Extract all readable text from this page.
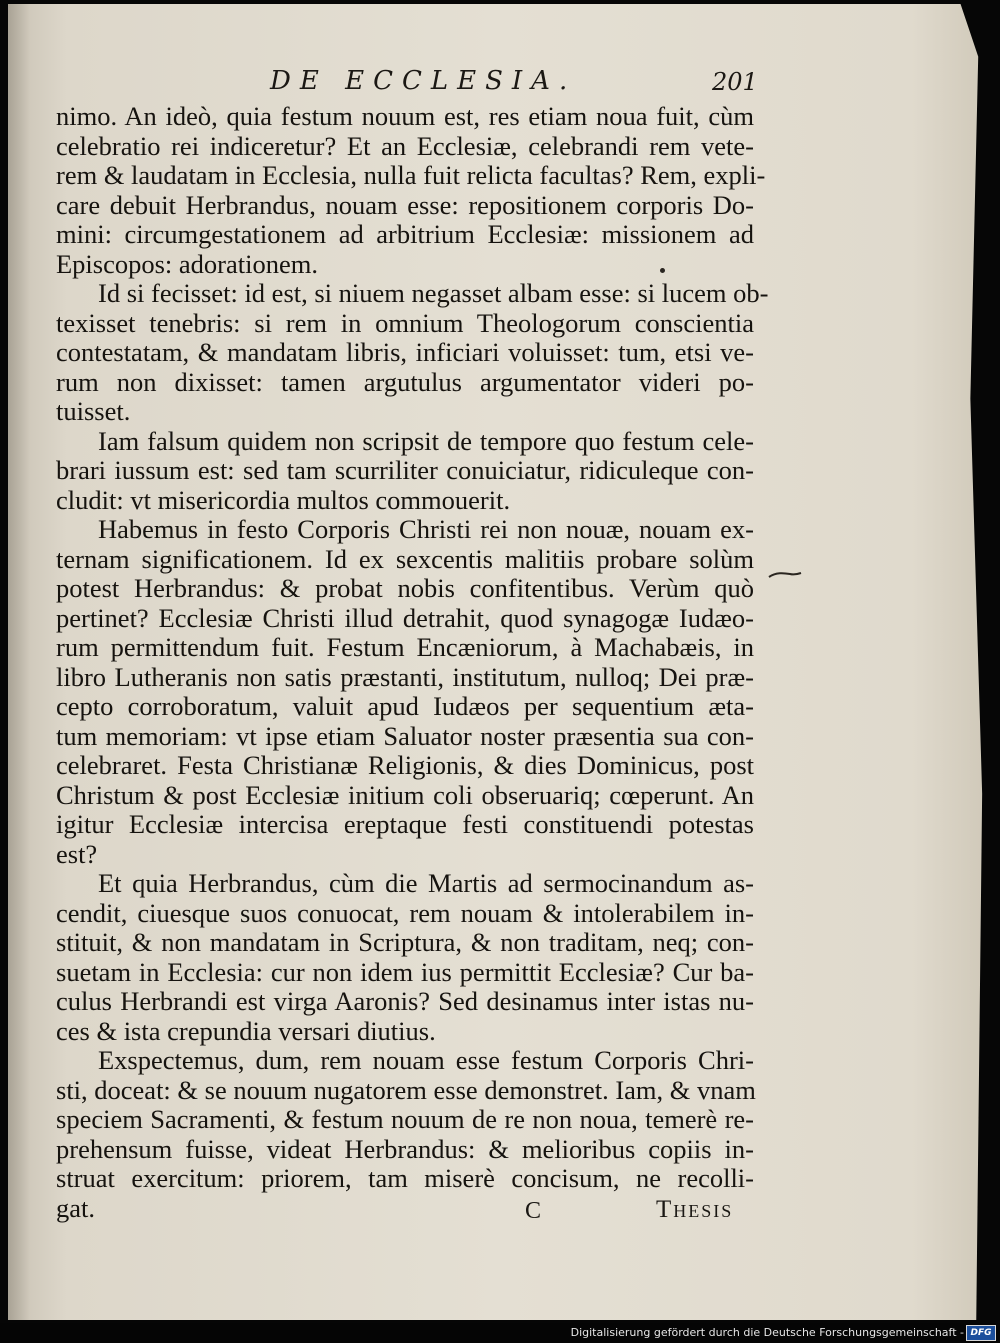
DE ECCLESIA.	201

nimo. An ideò, quia festum nouum est, res etiam noua fuit, cùm
celebratio rei indiceretur? Et an Ecclesiæ, celebrandi rem vete-
rem & laudatam in Ecclesia, nulla fuit relicta facultas? Rem, expli-
care debuit Herbrandus, nouam esse: repositionem corporis Do-
mini: circumgestationem ad arbitrium Ecclesiæ: missionem ad
Episcopos: adorationem.

Id si fecisset: id est, si niuem negasset albam esse: si lucem ob-
texisset tenebris: si rem in omnium Theologorum conscientia
contestatam, & mandatam libris, inficiari voluisset: tum, etsi ve-
rum non dixisset: tamen argutulus argumentator videri po-
tuisset.

Iam falsum quidem non scripsit de tempore quo festum cele-
brari iussum est: sed tam scurriliter conuiciatur, ridiculeque con-
cludit: vt misericordia multos commouerit.

Habemus in festo Corporis Christi rei non nouæ, nouam ex-
ternam significationem. Id ex sexcentis malitiis probare solùm
potest Herbrandus: & probat nobis confitentibus. Verùm quò
pertinet? Ecclesiæ Christi illud detrahit, quod synagogæ Iudæo-
rum permittendum fuit. Festum Encæniorum, à Machabæis, in
libro Lutheranis non satis præstanti, institutum, nulloq; Dei præ-
cepto corroboratum, valuit apud Iudæos per sequentium æta-
tum memoriam: vt ipse etiam Saluator noster præsentia sua con-
celebraret. Festa Christianæ Religionis, & dies Dominicus, post
Christum & post Ecclesiæ initium coli obseruariq; cœperunt. An
igitur Ecclesiæ intercisa ereptaque festi constituendi potestas
est?

Et quia Herbrandus, cùm die Martis ad sermocinandum as-
cendit, ciuesque suos conuocat, rem nouam & intolerabilem in-
stituit, & non mandatam in Scriptura, & non traditam, neq; con-
suetam in Ecclesia: cur non idem ius permittit Ecclesiæ? Cur ba-
culus Herbrandi est virga Aaronis? Sed desinamus inter istas nu-
ces & ista crepundia versari diutius.

Exspectemus, dum, rem nouam esse festum Corporis Chri-
sti, doceat: & se nouum nugatorem esse demonstret. Iam, & vnam
speciem Sacramenti, & festum nouum de re non noua, temerè re-
prehensum fuisse, videat Herbrandus: & melioribus copiis in-
struat exercitum: priorem, tam miserè concisum, ne recolli-
gat.	C	Thesis
Digitalisierung gefördert durch die Deutsche Forschungsgemeinschaft - DFG
